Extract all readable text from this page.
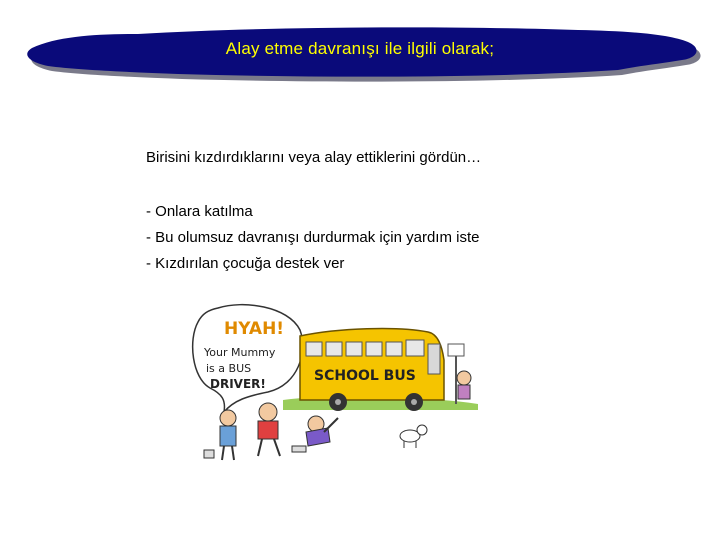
Alay etme davranışı ile ilgili olarak;

Birisini kızdırdıklarını veya alay ettiklerini gördün…

- Onlara katılma
- Bu olumsuz davranışı durdurmak için yardım iste
- Kızdırılan çocuğa destek ver
HYAH!
Your Mummy
is a BUS
DRIVER!	SCHOOL BUS
